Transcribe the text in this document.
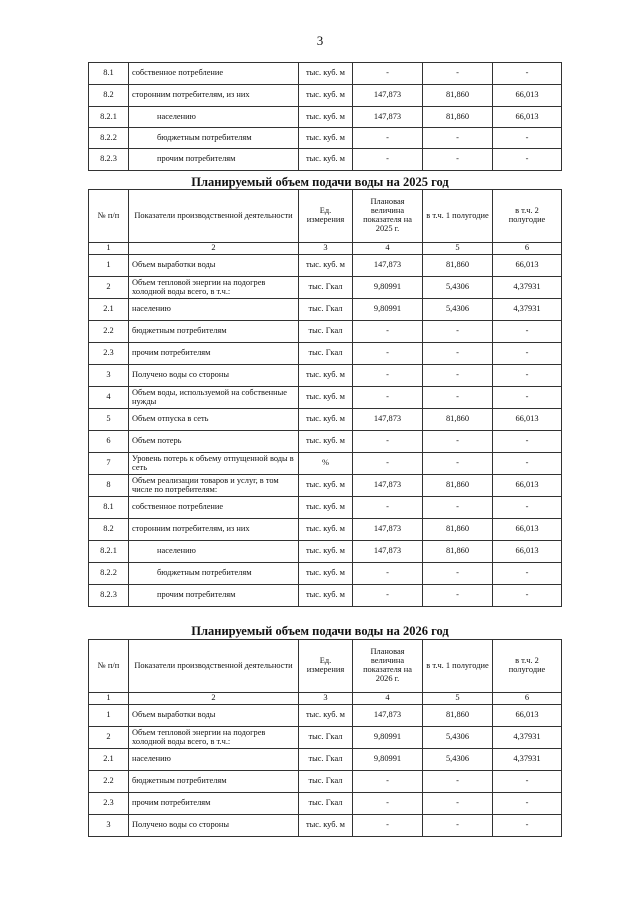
3
8.1	собственное потребление	тыс. куб. м	-	-	-
8.2	сторонним потребителям, из них	тыс. куб. м	147,873	81,860	66,013
8.2.1	населению	тыс. куб. м	147,873	81,860	66,013
8.2.2	бюджетным потребителям	тыс. куб. м	-	-	-
8.2.3	прочим потребителям	тыс. куб. м	-	-	-
Планируемый объем подачи воды на 2025 год
№ п/п	Показатели производственной деятельности	Ед. измерения	Плановая величина показателя на 2025 г.	в т.ч. 1 полугодие	в т.ч. 2 полугодие
1	2	3	4	5	6
1	Объем выработки воды	тыс. куб. м	147,873	81,860	66,013
2	Объем тепловой энергии на подогрев холодной воды всего, в т.ч.:	тыс. Гкал	9,80991	5,4306	4,37931
2.1	населению	тыс. Гкал	9,80991	5,4306	4,37931
2.2	бюджетным потребителям	тыс. Гкал	-	-	-
2.3	прочим потребителям	тыс. Гкал	-	-	-
3	Получено воды со стороны	тыс. куб. м	-	-	-
4	Объем воды, используемой на собственные нужды	тыс. куб. м	-	-	-
5	Объем отпуска в сеть	тыс. куб. м	147,873	81,860	66,013
6	Объем потерь	тыс. куб. м	-	-	-
7	Уровень потерь к объему отпущенной воды в сеть	%	-	-	-
8	Объем реализации товаров и услуг, в том числе по потребителям:	тыс. куб. м	147,873	81,860	66,013
8.1	собственное потребление	тыс. куб. м	-	-	-
8.2	сторонним потребителям, из них	тыс. куб. м	147,873	81,860	66,013
8.2.1	населению	тыс. куб. м	147,873	81,860	66,013
8.2.2	бюджетным потребителям	тыс. куб. м	-	-	-
8.2.3	прочим потребителям	тыс. куб. м	-	-	-
Планируемый объем подачи воды на 2026 год
№ п/п	Показатели производственной деятельности	Ед. измерения	Плановая величина показателя на 2026 г.	в т.ч. 1 полугодие	в т.ч. 2 полугодие
1	2	3	4	5	6
1	Объем выработки воды	тыс. куб. м	147,873	81,860	66,013
2	Объем тепловой энергии на подогрев холодной воды всего, в т.ч.:	тыс. Гкал	9,80991	5,4306	4,37931
2.1	населению	тыс. Гкал	9,80991	5,4306	4,37931
2.2	бюджетным потребителям	тыс. Гкал	-	-	-
2.3	прочим потребителям	тыс. Гкал	-	-	-
3	Получено воды со стороны	тыс. куб. м	-	-	-
